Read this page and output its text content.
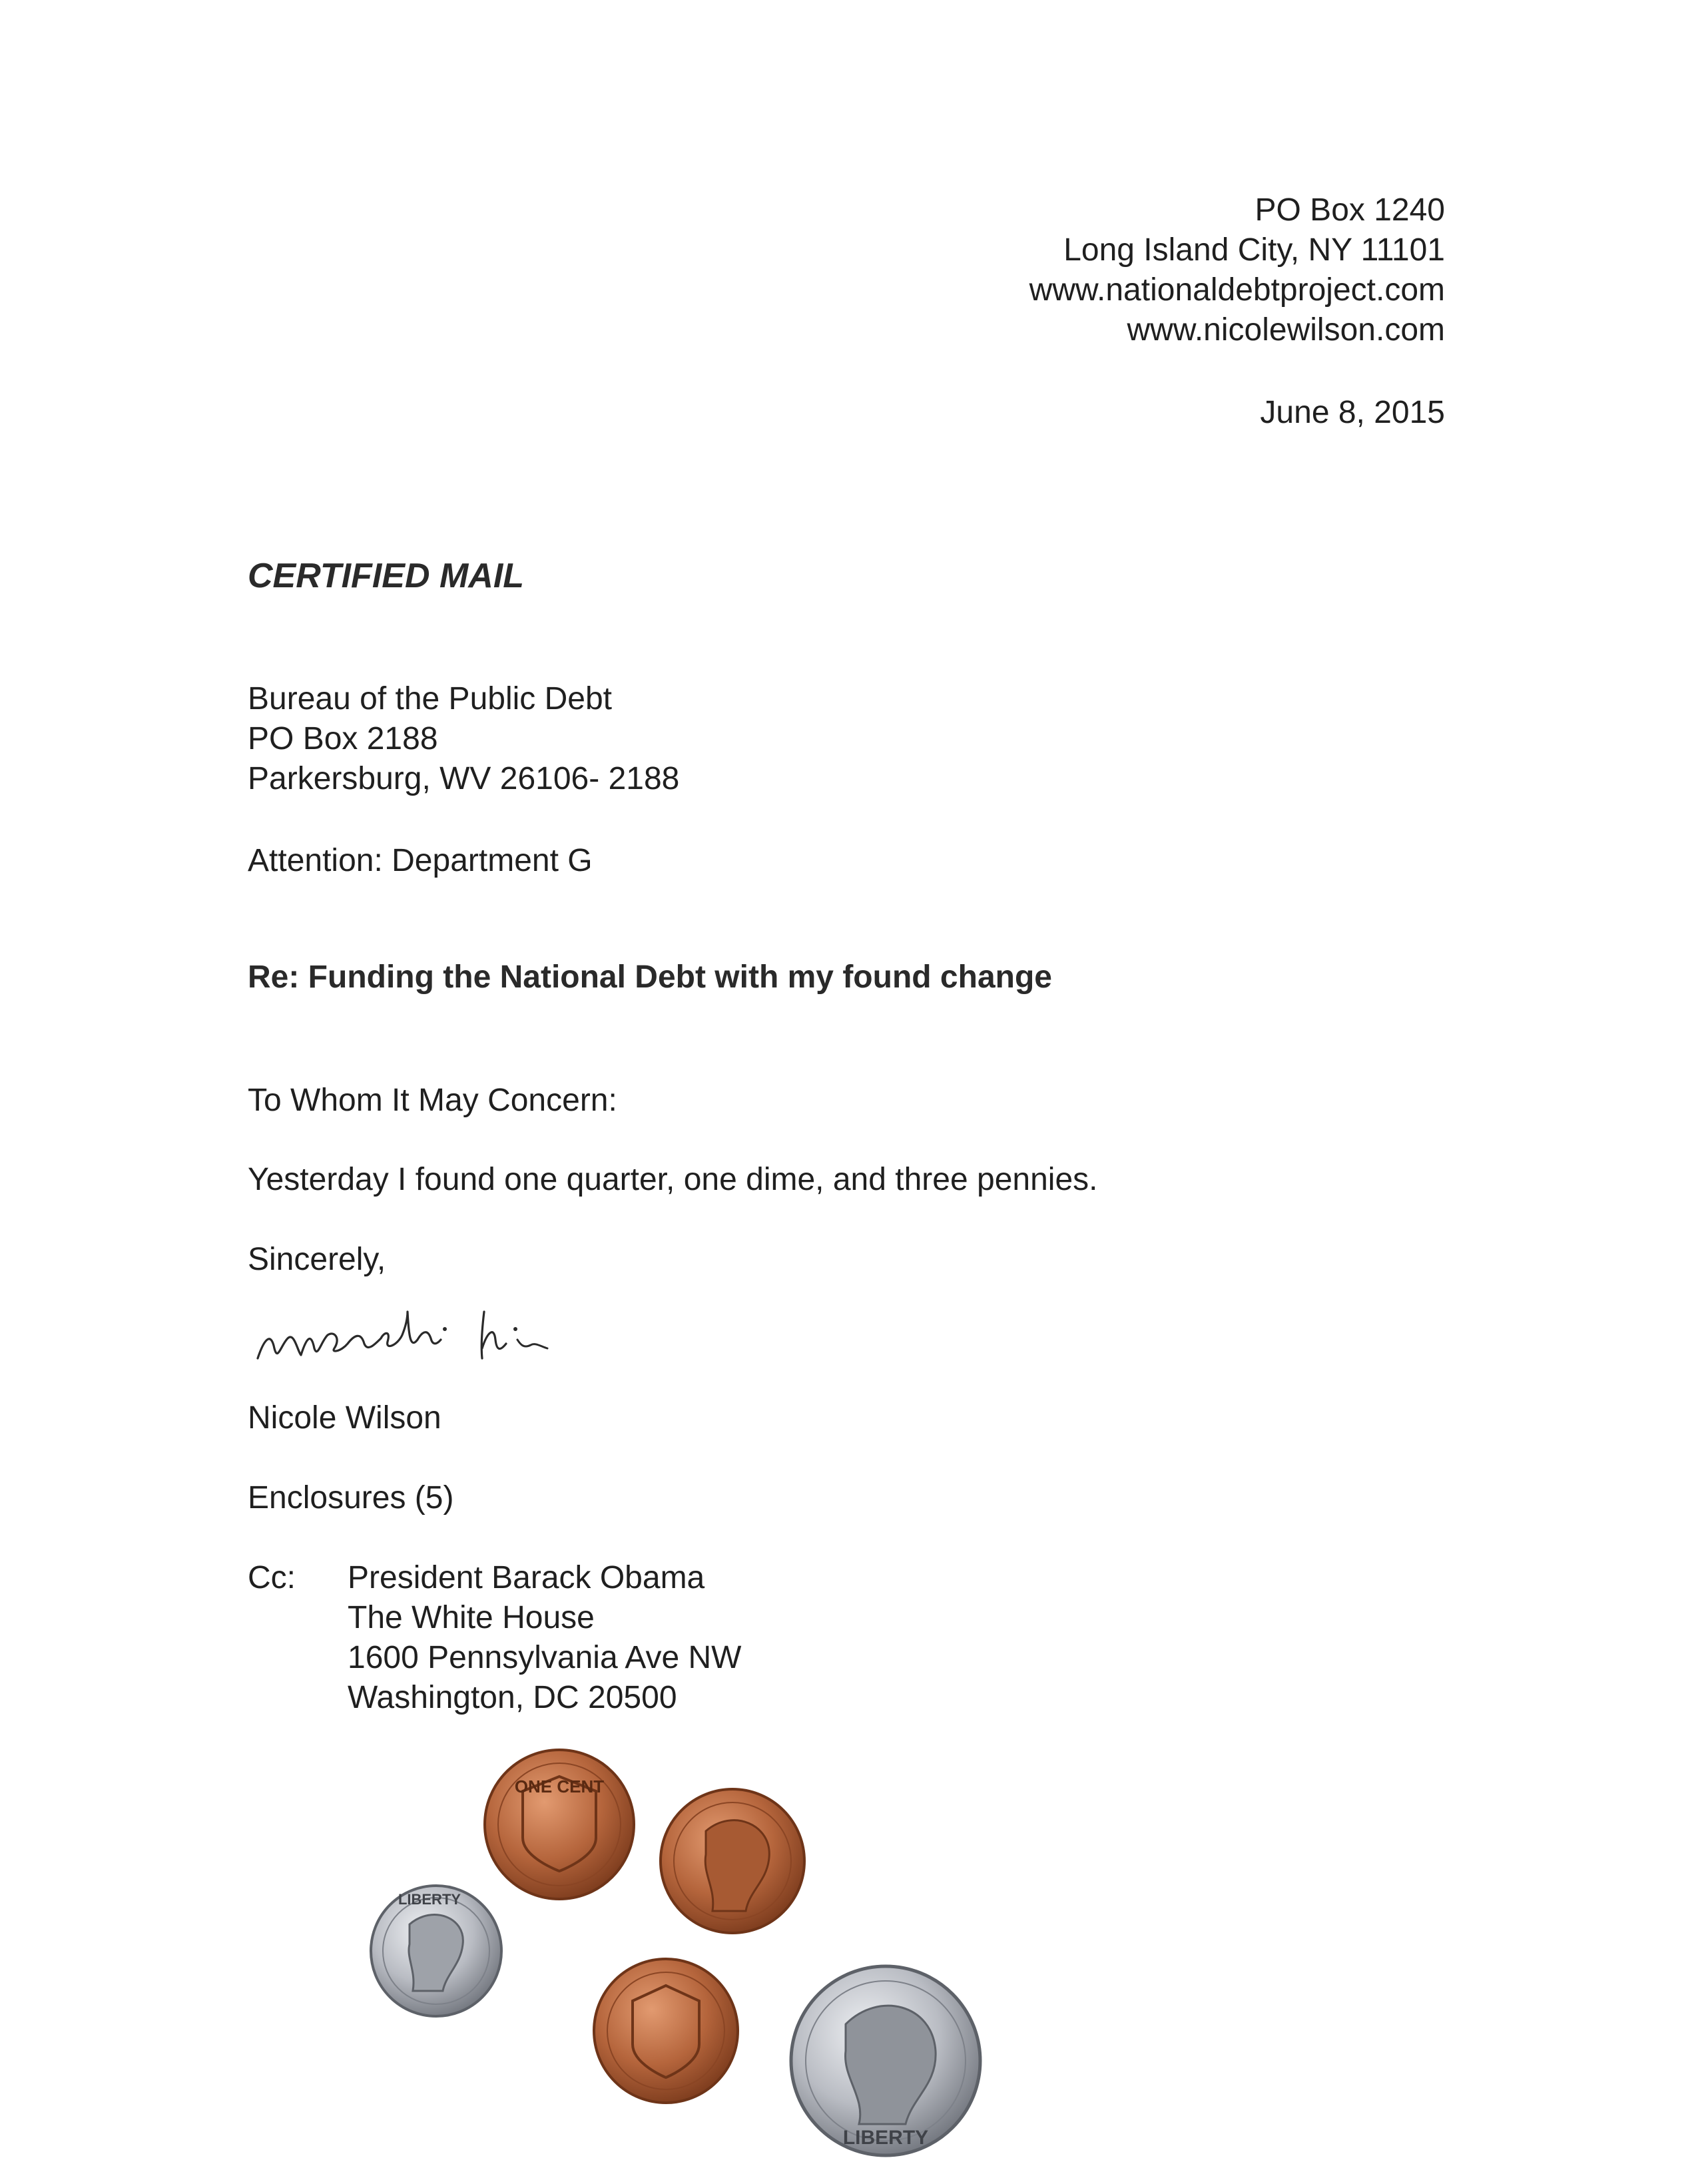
PO Box 1240
Long Island City, NY 11101
www.nationaldebtproject.com
www.nicolewilson.com
June 8, 2015
CERTIFIED MAIL
Bureau of the Public Debt
PO Box 2188
Parkersburg, WV 26106- 2188
Attention: Department G
Re: Funding the National Debt with my found change
To Whom It May Concern:
Yesterday I found one quarter, one dime, and three pennies.
Sincerely,
Nicole Wilson
Enclosures (5)
Cc: President Barack Obama
The White House
1600 Pennsylvania Ave NW
Washington, DC 20500
ONE CENT
LIBERTY
LIBERTY
